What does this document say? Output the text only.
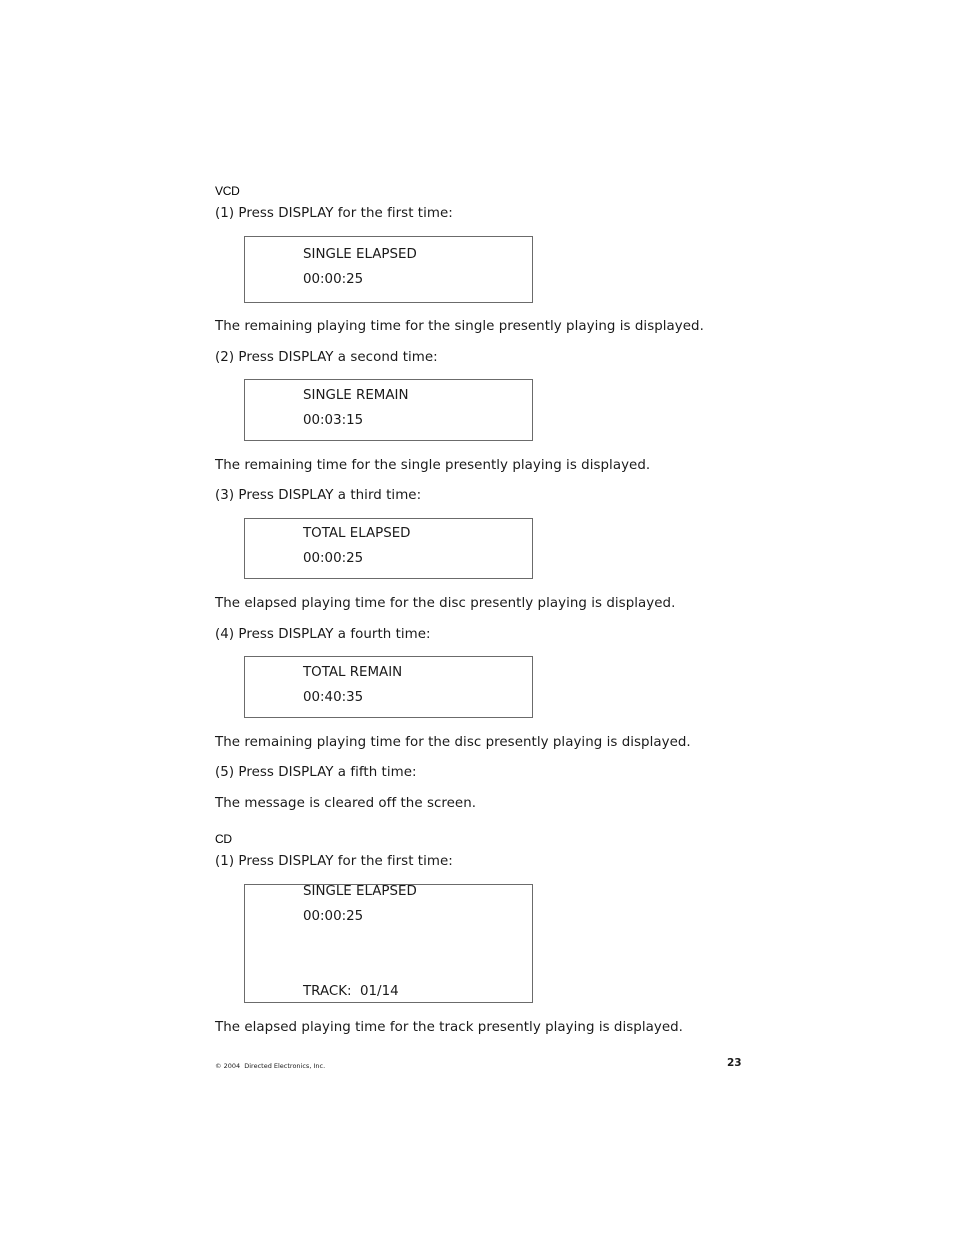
VCD
(1) Press DISPLAY for the first time:
SINGLE ELAPSED
00:00:25
The remaining playing time for the single presently playing is displayed.
(2) Press DISPLAY a second time:
SINGLE REMAIN
00:03:15
The remaining time for the single presently playing is displayed.
(3) Press DISPLAY a third time:
TOTAL ELAPSED
00:00:25
The elapsed playing time for the disc presently playing is displayed.
(4) Press DISPLAY a fourth time:
TOTAL REMAIN
00:40:35
The remaining playing time for the disc presently playing is displayed.
(5) Press DISPLAY a fifth time:
The message is cleared off the screen.
CD
(1) Press DISPLAY for the first time:
SINGLE ELAPSED
00:00:25
TRACK:  01/14
The elapsed playing time for the track presently playing is displayed.
© 2004  Directed Electronics, Inc.	23
